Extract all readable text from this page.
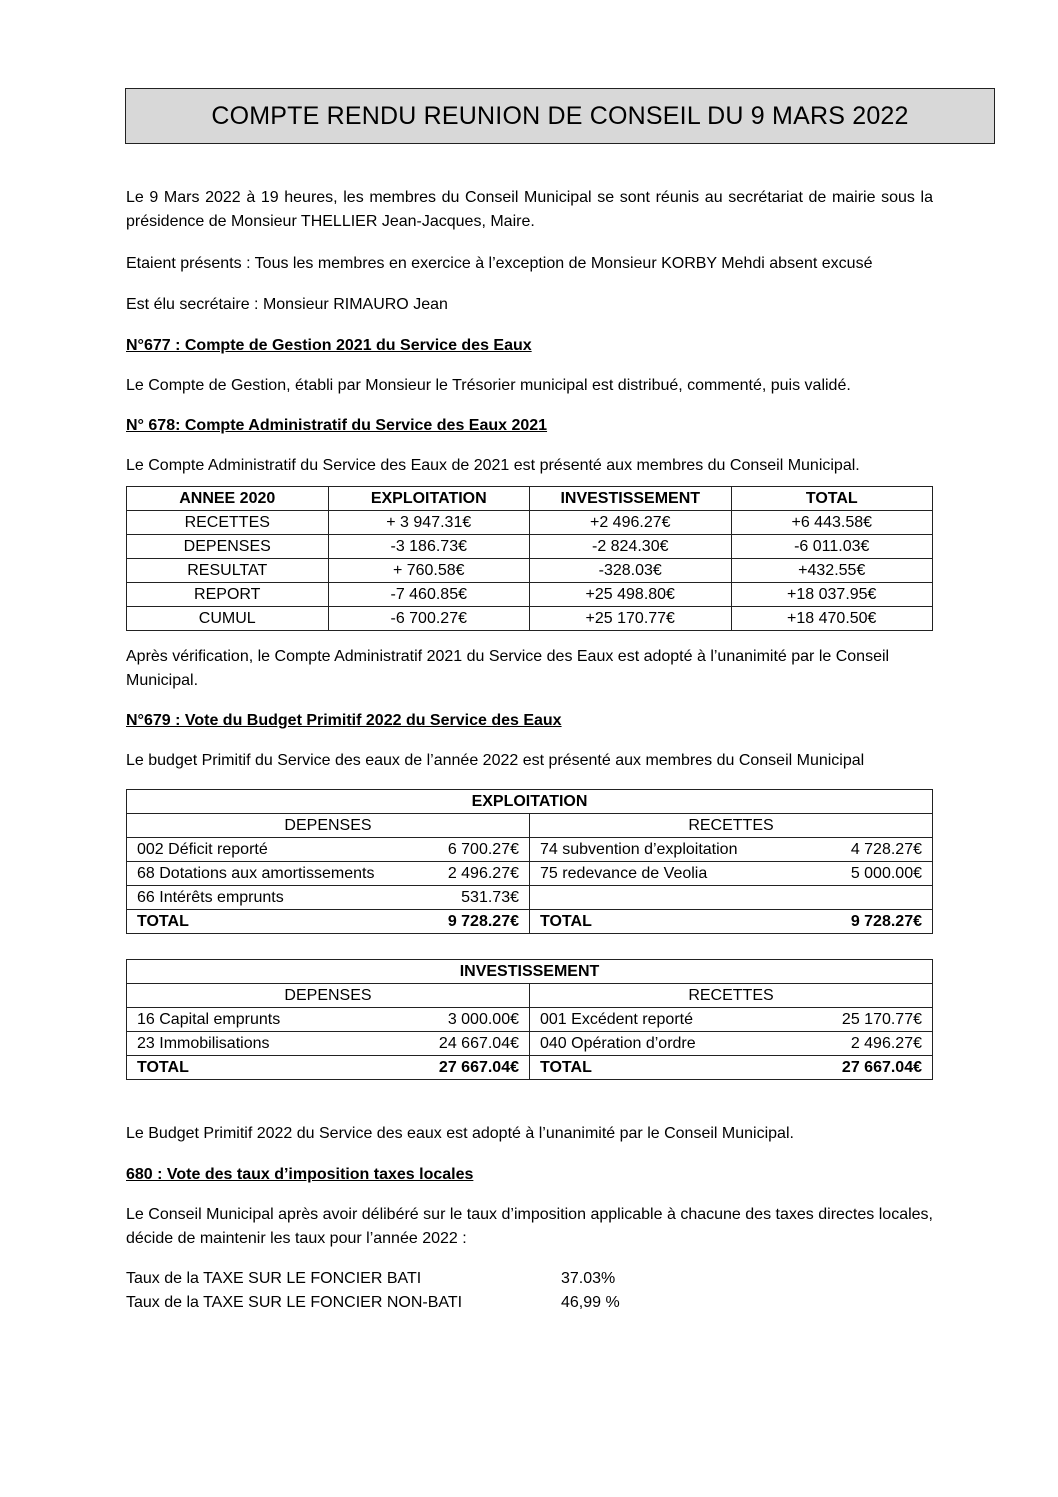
COMPTE RENDU REUNION DE CONSEIL DU 9 MARS 2022

Le 9 Mars 2022 à 19 heures, les membres du Conseil Municipal se sont réunis au secrétariat de mairie sous la présidence de Monsieur THELLIER Jean-Jacques, Maire.

Etaient présents : Tous les membres en exercice à l’exception de Monsieur KORBY Mehdi absent excusé

Est élu secrétaire : Monsieur RIMAURO Jean

N°677 : Compte de Gestion 2021 du Service des Eaux

Le Compte de Gestion, établi par Monsieur le Trésorier municipal est distribué, commenté, puis validé.

N° 678: Compte Administratif du Service des Eaux 2021

Le Compte Administratif du Service des Eaux de 2021 est présenté aux membres du Conseil Municipal.

ANNEE 2020	EXPLOITATION	INVESTISSEMENT	TOTAL
RECETTES	+ 3 947.31€	+2 496.27€	+6 443.58€
DEPENSES	-3 186.73€	-2 824.30€	-6 011.03€
RESULTAT	+ 760.58€	-328.03€	+432.55€
REPORT	-7 460.85€	+25 498.80€	+18 037.95€
CUMUL	-6 700.27€	+25 170.77€	+18 470.50€

Après vérification, le Compte Administratif 2021 du Service des Eaux est adopté à l’unanimité par le Conseil Municipal.

N°679 : Vote du Budget Primitif 2022 du Service des Eaux

Le budget Primitif du Service des eaux de l’année 2022 est présenté aux membres du Conseil Municipal

EXPLOITATION	
DEPENSES	RECETTES

002 Déficit reporté 6 700.27€	74 subvention d’exploitation 4 728.27€

68 Dotations aux amortissements 2 496.27€	75 redevance de Veolia 5 000.00€

66 Intérêts emprunts 531.73€	

TOTAL 9 728.27€	TOTAL 9 728.27€
INVESTISSEMENT	
DEPENSES	RECETTES

16 Capital emprunts 3 000.00€	001 Excédent reporté 25 170.77€

23 Immobilisations 24 667.04€	040 Opération d’ordre 2 496.27€

TOTAL 27 667.04€	TOTAL 27 667.04€

Le Budget Primitif 2022 du Service des eaux est adopté à l’unanimité par le Conseil Municipal.

680 : Vote des taux d’imposition taxes locales

Le Conseil Municipal après avoir délibéré sur le taux d’imposition applicable à chacune des taxes directes locales, décide de maintenir les taux pour l’année 2022 :

Taux de la TAXE SUR LE FONCIER BATI	37.03%
Taux de la TAXE SUR LE FONCIER NON-BATI	46,99 %
